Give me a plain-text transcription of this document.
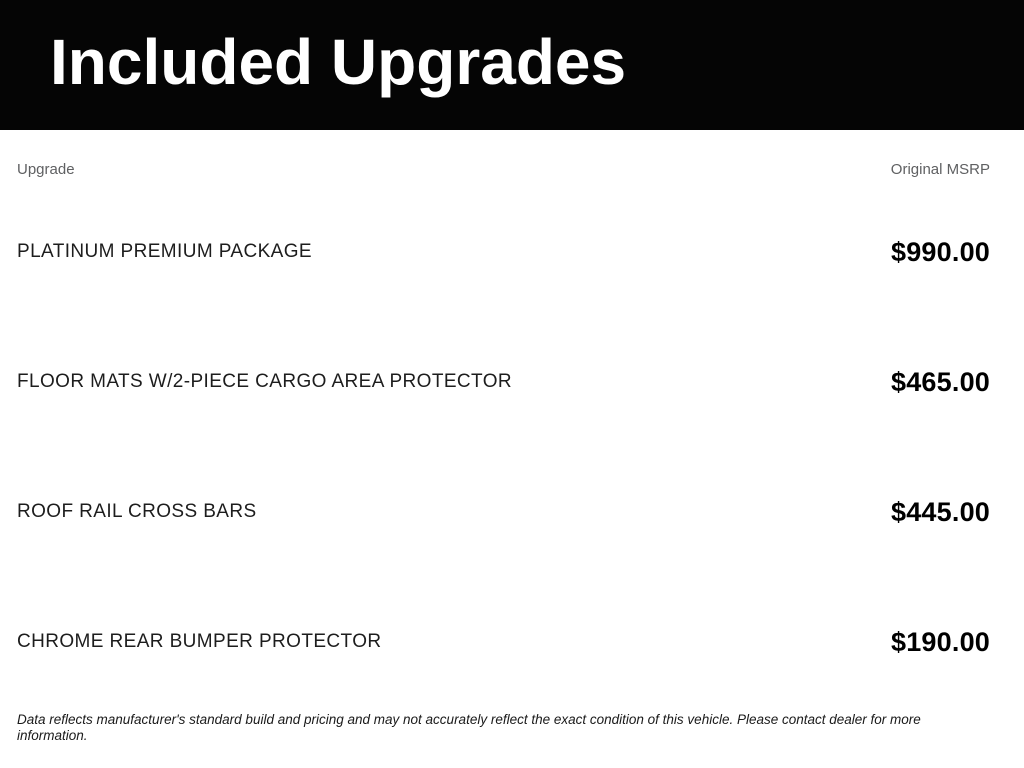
Included Upgrades
Upgrade	Original MSRP
PLATINUM PREMIUM PACKAGE	$990.00
FLOOR MATS W/2-PIECE CARGO AREA PROTECTOR	$465.00
ROOF RAIL CROSS BARS	$445.00
CHROME REAR BUMPER PROTECTOR	$190.00
Data reflects manufacturer's standard build and pricing and may not accurately reflect the exact condition of this vehicle. Please contact dealer for more information.
